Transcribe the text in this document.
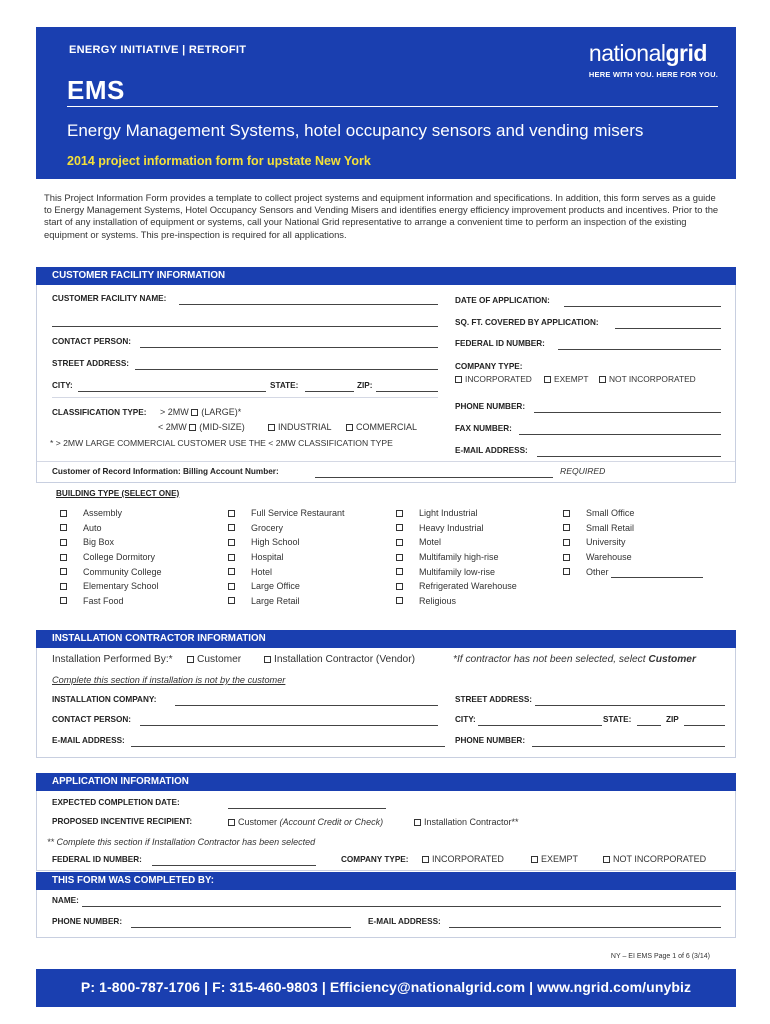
ENERGY INITIATIVE | RETROFIT
EMS
Energy Management Systems, hotel occupancy sensors and vending misers
2014 project information form for upstate New York
nationalgrid
HERE WITH YOU. HERE FOR YOU.
This Project Information Form provides a template to collect project systems and equipment information and specifications. In addition, this form serves as a guide to Energy Management Systems, Hotel Occupancy Sensors and Vending Misers and identifies energy efficiency improvement products and incentives. Prior to the start of any installation of equipment or systems, call your National Grid representative to arrange a convenient time to perform an inspection of the existing equipment or systems. This pre-inspection is required for all applications.
CUSTOMER FACILITY INFORMATION
CUSTOMER FACILITY NAME:	DATE OF APPLICATION:
SQ. FT. COVERED BY APPLICATION:
CONTACT PERSON:	FEDERAL ID NUMBER:
STREET ADDRESS:	COMPANY TYPE:
INCORPORATED	EXEMPT	NOT INCORPORATED
CITY:	STATE:	ZIP:
PHONE NUMBER:
CLASSIFICATION TYPE: > 2MW (LARGE)*
< 2MW (MID-SIZE)	INDUSTRIAL	COMMERCIAL	FAX NUMBER:
* > 2MW LARGE COMMERCIAL CUSTOMER USE THE < 2MW CLASSIFICATION TYPE
E-MAIL ADDRESS:
Customer of Record Information: Billing Account Number:	REQUIRED
BUILDING TYPE (SELECT ONE)
Assembly
Auto
Big Box
College Dormitory
Community College
Elementary School
Fast Food
Full Service Restaurant
Grocery
High School
Hospital
Hotel
Large Office
Large Retail
Light Industrial
Heavy Industrial
Motel
Multifamily high-rise
Multifamily low-rise
Refrigerated Warehouse
Religious
Small Office
Small Retail
University
Warehouse
Other
INSTALLATION CONTRACTOR INFORMATION
Installation Performed By:*	Customer	Installation Contractor (Vendor)	*If contractor has not been selected, select Customer
Complete this section if installation is not by the customer
INSTALLATION COMPANY:	STREET ADDRESS:
CONTACT PERSON:	CITY:	STATE:	ZIP
E-MAIL ADDRESS:	PHONE NUMBER:
APPLICATION INFORMATION
EXPECTED COMPLETION DATE:
PROPOSED INCENTIVE RECIPIENT:	Customer (Account Credit or Check)	Installation Contractor**
** Complete this section if Installation Contractor has been selected
FEDERAL ID NUMBER:	COMPANY TYPE:	INCORPORATED	EXEMPT	NOT INCORPORATED
THIS FORM WAS COMPLETED BY:
NAME:
PHONE NUMBER:	E-MAIL ADDRESS:
NY – EI EMS Page 1 of 6 (3/14)
P: 1-800-787-1706 | F: 315-460-9803 | Efficiency@nationalgrid.com | www.ngrid.com/unybiz
